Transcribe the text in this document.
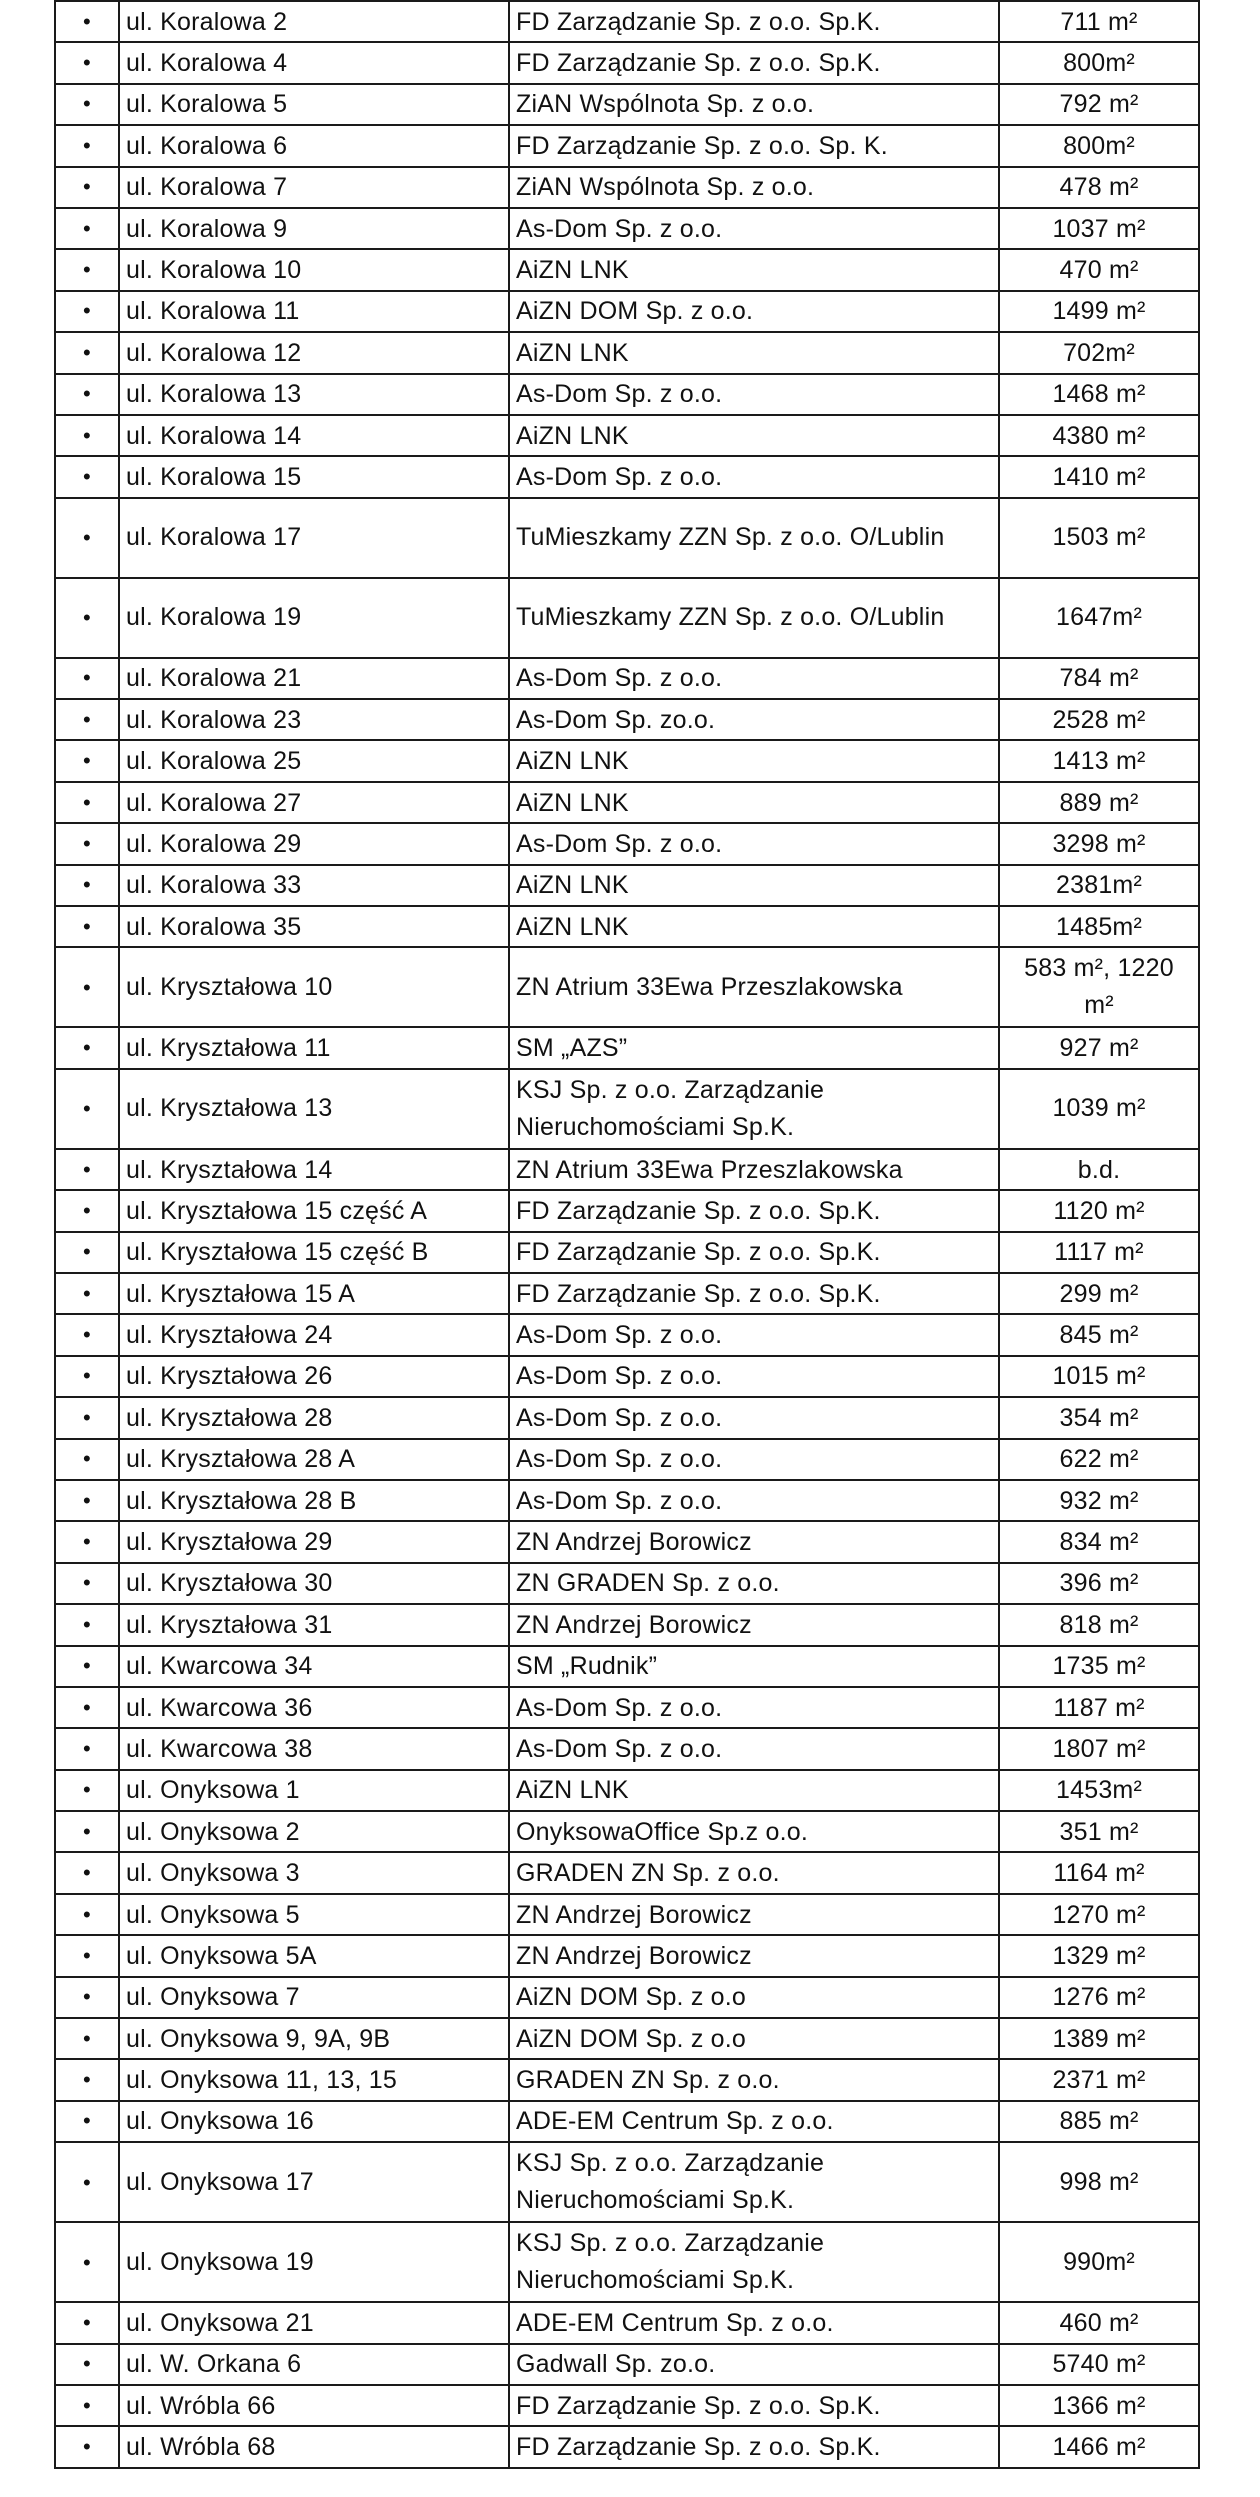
•	ul. Koralowa 2	FD Zarządzanie Sp. z o.o. Sp.K.	711 m²
•	ul. Koralowa 4	FD Zarządzanie Sp. z o.o. Sp.K.	800m²
•	ul. Koralowa 5	ZiAN Wspólnota Sp. z o.o.	792 m²
•	ul. Koralowa 6	FD Zarządzanie Sp. z o.o. Sp. K.	800m²
•	ul. Koralowa 7	ZiAN Wspólnota Sp. z o.o.	478 m²
•	ul. Koralowa 9	As-Dom Sp. z o.o.	1037 m²
•	ul. Koralowa 10	AiZN LNK	470 m²
•	ul. Koralowa 11	AiZN DOM Sp. z o.o.	1499 m²
•	ul. Koralowa 12	AiZN LNK	702m²
•	ul. Koralowa 13	As-Dom Sp. z o.o.	1468 m²
•	ul. Koralowa 14	AiZN LNK	4380 m²
•	ul. Koralowa 15	As-Dom Sp. z o.o.	1410 m²
•	ul. Koralowa 17	TuMieszkamy ZZN Sp. z o.o. O/Lublin	1503 m²
•	ul. Koralowa 19	TuMieszkamy ZZN Sp. z o.o. O/Lublin	1647m²
•	ul. Koralowa 21	As-Dom Sp. z o.o.	784 m²
•	ul. Koralowa 23	As-Dom Sp. zo.o.	2528 m²
•	ul. Koralowa 25	AiZN LNK	1413 m²
•	ul. Koralowa 27	AiZN LNK	889 m²
•	ul. Koralowa 29	As-Dom Sp. z o.o.	3298 m²
•	ul. Koralowa 33	AiZN LNK	2381m²
•	ul. Koralowa 35	AiZN LNK	1485m²
•	ul. Kryształowa 10	ZN Atrium 33Ewa Przeszlakowska	583 m², 1220 m²
•	ul. Kryształowa 11	SM „AZS”	927 m²
•	ul. Kryształowa 13	KSJ Sp. z o.o. Zarządzanie Nieruchomościami Sp.K.	1039 m²
•	ul. Kryształowa 14	ZN Atrium 33Ewa Przeszlakowska	b.d.
•	ul. Kryształowa 15 część A	FD Zarządzanie Sp. z o.o. Sp.K.	1120 m²
•	ul. Kryształowa 15 część B	FD Zarządzanie Sp. z o.o. Sp.K.	1117 m²
•	ul. Kryształowa 15 A	FD Zarządzanie Sp. z o.o. Sp.K.	299 m²
•	ul. Kryształowa 24	As-Dom Sp. z o.o.	845 m²
•	ul. Kryształowa 26	As-Dom Sp. z o.o.	1015 m²
•	ul. Kryształowa 28	As-Dom Sp. z o.o.	354 m²
•	ul. Kryształowa 28 A	As-Dom Sp. z o.o.	622 m²
•	ul. Kryształowa 28 B	As-Dom Sp. z o.o.	932 m²
•	ul. Kryształowa 29	ZN Andrzej Borowicz	834 m²
•	ul. Kryształowa 30	ZN GRADEN Sp. z o.o.	396 m²
•	ul. Kryształowa 31	ZN Andrzej Borowicz	818 m²
•	ul. Kwarcowa 34	SM „Rudnik”	1735 m²
•	ul. Kwarcowa 36	As-Dom Sp. z o.o.	1187 m²
•	ul. Kwarcowa 38	As-Dom Sp. z o.o.	1807 m²
•	ul. Onyksowa 1	AiZN LNK	1453m²
•	ul. Onyksowa 2	OnyksowaOffice Sp.z o.o.	351 m²
•	ul. Onyksowa 3	GRADEN ZN Sp. z o.o.	1164 m²
•	ul. Onyksowa 5	ZN Andrzej Borowicz	1270 m²
•	ul. Onyksowa 5A	ZN Andrzej Borowicz	1329 m²
•	ul. Onyksowa 7	AiZN DOM Sp. z o.o	1276 m²
•	ul. Onyksowa 9, 9A, 9B	AiZN DOM Sp. z o.o	1389 m²
•	ul. Onyksowa 11, 13, 15	GRADEN ZN Sp. z o.o.	2371 m²
•	ul. Onyksowa 16	ADE-EM Centrum Sp. z o.o.	885 m²
•	ul. Onyksowa 17	KSJ Sp. z o.o. Zarządzanie Nieruchomościami Sp.K.	998 m²
•	ul. Onyksowa 19	KSJ Sp. z o.o. Zarządzanie Nieruchomościami Sp.K.	990m²
•	ul. Onyksowa 21	ADE-EM Centrum Sp. z o.o.	460 m²
•	ul. W. Orkana 6	Gadwall Sp. zo.o.	5740 m²
•	ul. Wróbla 66	FD Zarządzanie Sp. z o.o. Sp.K.	1366 m²
•	ul. Wróbla 68	FD Zarządzanie Sp. z o.o. Sp.K.	1466 m²
